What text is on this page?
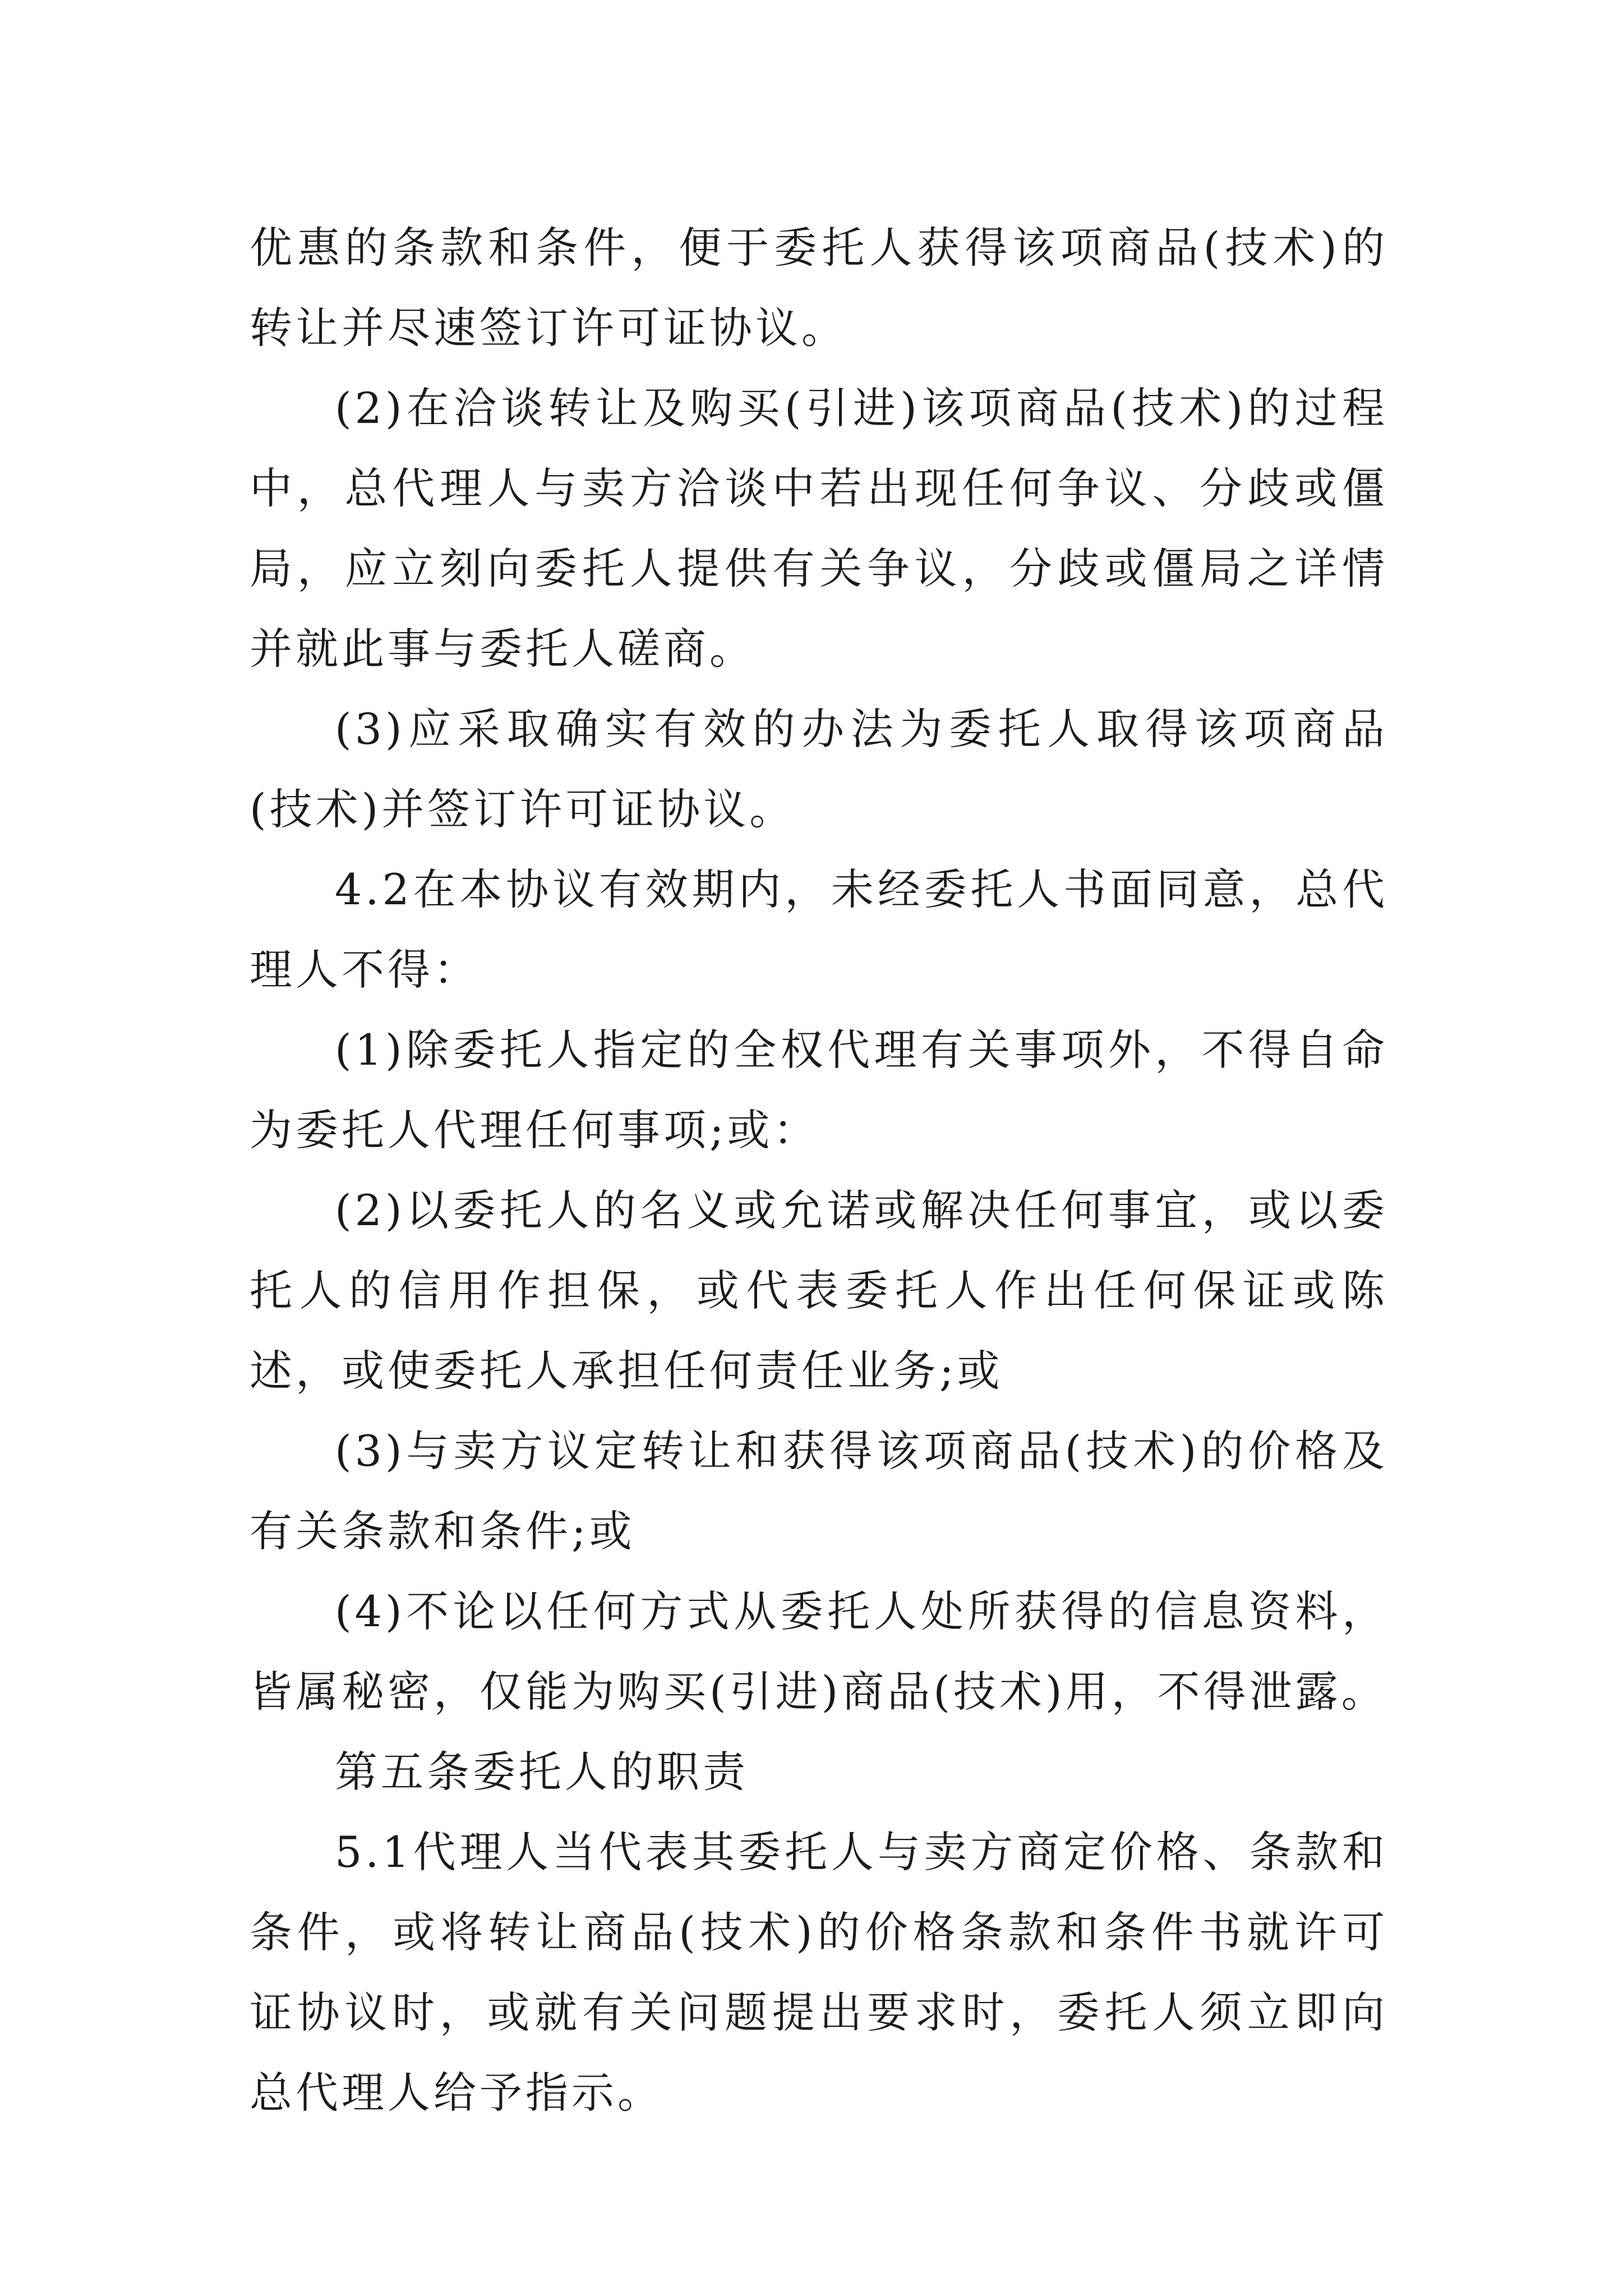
优惠的条款和条件，便于委托人获得该项商品(技术)的转让并尽速签订许可证协议。

(2)在洽谈转让及购买(引进)该项商品(技术)的过程中，总代理人与卖方洽谈中若出现任何争议、分歧或僵局，应立刻向委托人提供有关争议，分歧或僵局之详情并就此事与委托人磋商。

(3)应采取确实有效的办法为委托人取得该项商品(技术)并签订许可证协议。

4.2在本协议有效期内，未经委托人书面同意，总代理人不得：

(1)除委托人指定的全权代理有关事项外，不得自命为委托人代理任何事项;或：

(2)以委托人的名义或允诺或解决任何事宜，或以委托人的信用作担保，或代表委托人作出任何保证或陈述，或使委托人承担任何责任业务;或

(3)与卖方议定转让和获得该项商品(技术)的价格及有关条款和条件;或

(4)不论以任何方式从委托人处所获得的信息资料，皆属秘密，仅能为购买(引进)商品(技术)用，不得泄露。

第五条委托人的职责

5.1代理人当代表其委托人与卖方商定价格、条款和条件，或将转让商品(技术)的价格条款和条件书就许可证协议时，或就有关问题提出要求时，委托人须立即向总代理人给予指示。
